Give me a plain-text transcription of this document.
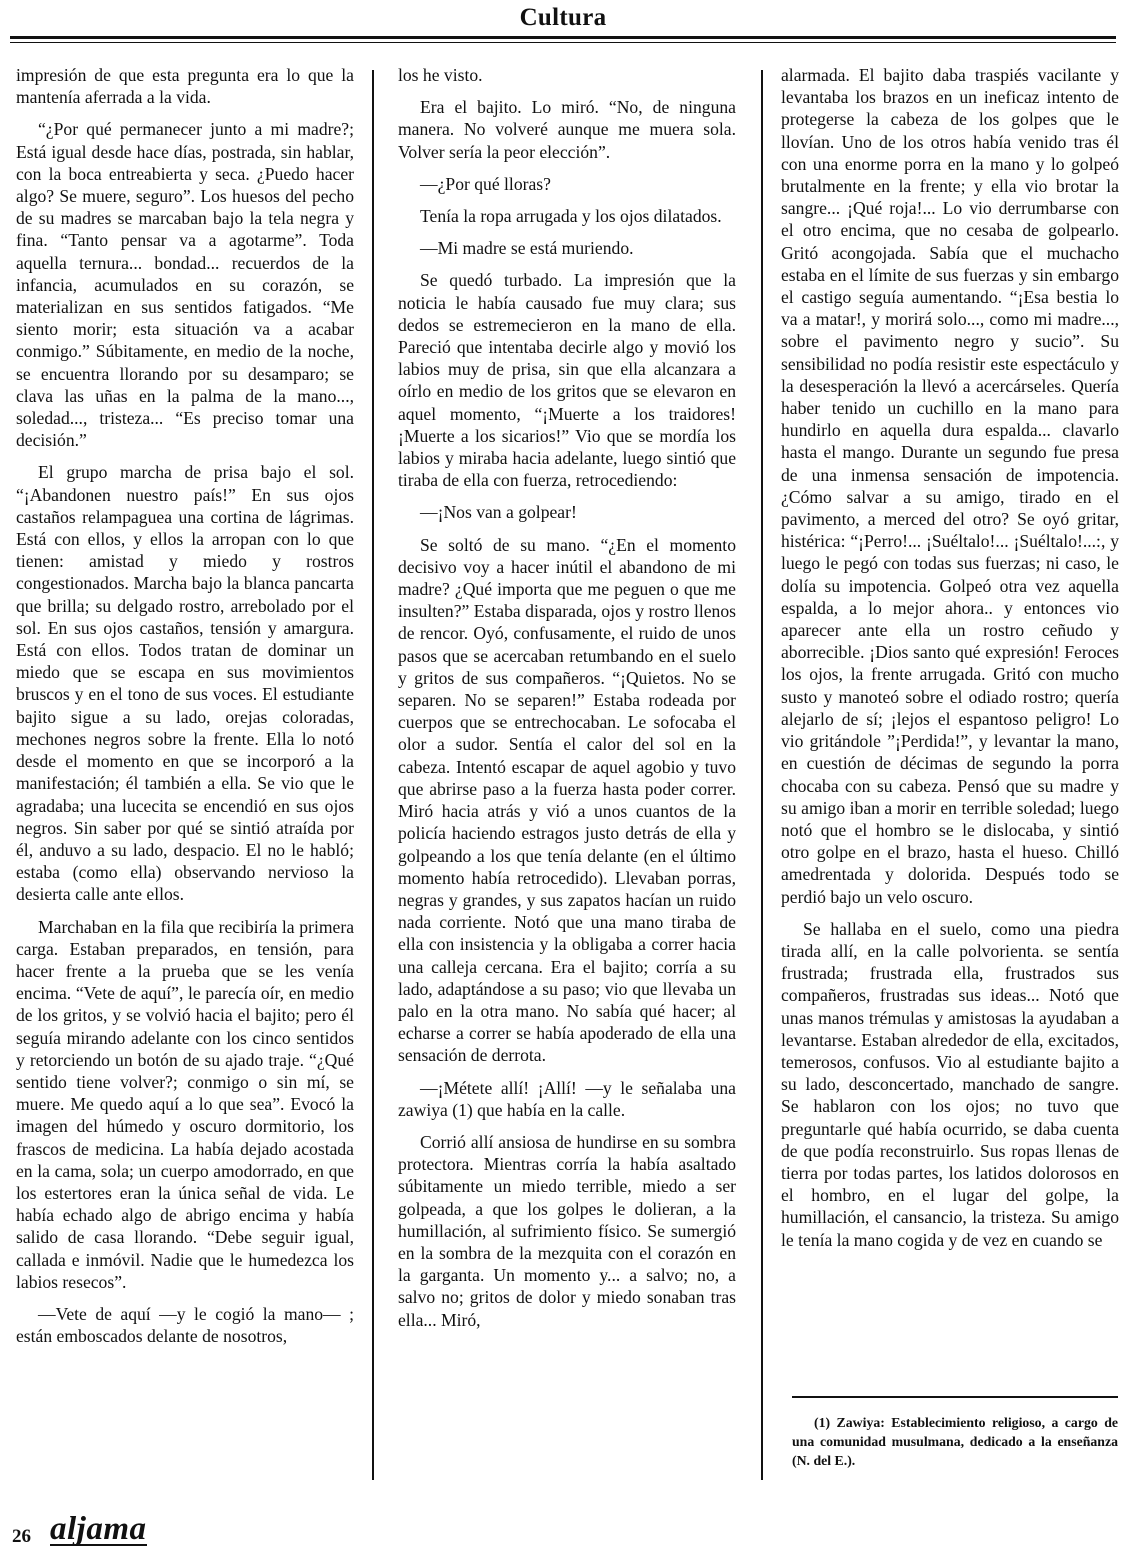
Cultura

impresión de que esta pregunta era lo que la mantenía aferrada a la vida.

“¿Por qué permanecer junto a mi madre?; Está igual desde hace días, postrada, sin hablar, con la boca entreabierta y seca. ¿Puedo hacer algo? Se muere, seguro”. Los huesos del pecho de su madres se marcaban bajo la tela negra y fina. “Tanto pensar va a agotarme”. Toda aquella ternura... bondad... recuerdos de la infancia, acumulados en su corazón, se materializan en sus sentidos fatigados. “Me siento morir; esta situación va a acabar conmigo.” Súbitamente, en medio de la noche, se encuentra llorando por su desamparo; se clava las uñas en la palma de la mano..., soledad..., tristeza... “Es preciso tomar una decisión.”

El grupo marcha de prisa bajo el sol. “¡Abandonen nuestro país!” En sus ojos castaños relampaguea una cortina de lágrimas. Está con ellos, y ellos la arropan con lo que tienen: amistad y miedo y rostros congestionados. Marcha bajo la blanca pancarta que brilla; su delgado rostro, arrebolado por el sol. En sus ojos castaños, tensión y amargura. Está con ellos. Todos tratan de dominar un miedo que se escapa en sus movimientos bruscos y en el tono de sus voces. El estudiante bajito sigue a su lado, orejas coloradas, mechones negros sobre la frente. Ella lo notó desde el momento en que se incorporó a la manifestación; él también a ella. Se vio que le agradaba; una lucecita se encendió en sus ojos negros. Sin saber por qué se sintió atraída por él, anduvo a su lado, despacio. El no le habló; estaba (como ella) observando nervioso la desierta calle ante ellos.

Marchaban en la fila que recibiría la primera carga. Estaban preparados, en tensión, para hacer frente a la prueba que se les venía encima. “Vete de aquí”, le parecía oír, en medio de los gritos, y se volvió hacia el bajito; pero él seguía mirando adelante con los cinco sentidos y retorciendo un botón de su ajado traje. “¿Qué sentido tiene volver?; conmigo o sin mí, se muere. Me quedo aquí a lo que sea”. Evocó la imagen del húmedo y oscuro dormitorio, los frascos de medicina. La había dejado acostada en la cama, sola; un cuerpo amodorrado, en que los estertores eran la única señal de vida. Le había echado algo de abrigo encima y había salido de casa llorando. “Debe seguir igual, callada e inmóvil. Nadie que le humedezca los labios resecos”.

—Vete de aquí —y le cogió la mano— ; están emboscados delante de nosotros,

los he visto.

Era el bajito. Lo miró. “No, de ninguna manera. No volveré aunque me muera sola. Volver sería la peor elección”.

—¿Por qué lloras?

Tenía la ropa arrugada y los ojos dilatados.

—Mi madre se está muriendo.

Se quedó turbado. La impresión que la noticia le había causado fue muy clara; sus dedos se estremecieron en la mano de ella. Pareció que intentaba decirle algo y movió los labios muy de prisa, sin que ella alcanzara a oírlo en medio de los gritos que se elevaron en aquel momento, “¡Muerte a los traidores! ¡Muerte a los sicarios!” Vio que se mordía los labios y miraba hacia adelante, luego sintió que tiraba de ella con fuerza, retrocediendo:

—¡Nos van a golpear!

Se soltó de su mano. “¿En el momento decisivo voy a hacer inútil el abandono de mi madre? ¿Qué importa que me peguen o que me insulten?” Estaba disparada, ojos y rostro llenos de rencor. Oyó, confusamente, el ruido de unos pasos que se acercaban retumbando en el suelo y gritos de sus compañeros. “¡Quietos. No se separen. No se separen!” Estaba rodeada por cuerpos que se entrechocaban. Le sofocaba el olor a sudor. Sentía el calor del sol en la cabeza. Intentó escapar de aquel agobio y tuvo que abrirse paso a la fuerza hasta poder correr. Miró hacia atrás y vió a unos cuantos de la policía haciendo estragos justo detrás de ella y golpeando a los que tenía delante (en el último momento había retrocedido). Llevaban porras, negras y grandes, y sus zapatos hacían un ruido nada corriente. Notó que una mano tiraba de ella con insistencia y la obligaba a correr hacia una calleja cercana. Era el bajito; corría a su lado, adaptándose a su paso; vio que llevaba un palo en la otra mano. No sabía qué hacer; al echarse a correr se había apoderado de ella una sensación de derrota.

—¡Métete allí! ¡Allí! —y le señalaba una zawiya (1) que había en la calle.

Corrió allí ansiosa de hundirse en su sombra protectora. Mientras corría la había asaltado súbitamente un miedo terrible, miedo a ser golpeada, a que los golpes le dolieran, a la humillación, al sufrimiento físico. Se sumergió en la sombra de la mezquita con el corazón en la garganta. Un momento y... a salvo; no, a salvo no; gritos de dolor y miedo sonaban tras ella... Miró,

alarmada. El bajito daba traspiés vacilante y levantaba los brazos en un ineficaz intento de protegerse la cabeza de los golpes que le llovían. Uno de los otros había venido tras él con una enorme porra en la mano y lo golpeó brutalmente en la frente; y ella vio brotar la sangre... ¡Qué roja!... Lo vio derrumbarse con el otro encima, que no cesaba de golpearlo. Gritó acongojada. Sabía que el muchacho estaba en el límite de sus fuerzas y sin embargo el castigo seguía aumentando. “¡Esa bestia lo va a matar!, y morirá solo..., como mi madre..., sobre el pavimento negro y sucio”. Su sensibilidad no podía resistir este espectáculo y la desesperación la llevó a acercárseles. Quería haber tenido un cuchillo en la mano para hundirlo en aquella dura espalda... clavarlo hasta el mango. Durante un segundo fue presa de una inmensa sensación de impotencia. ¿Cómo salvar a su amigo, tirado en el pavimento, a merced del otro? Se oyó gritar, histérica: “¡Perro!... ¡Suéltalo!... ¡Suéltalo!...:, y luego le pegó con todas sus fuerzas; ni caso, le dolía su impotencia. Golpeó otra vez aquella espalda, a lo mejor ahora.. y entonces vio aparecer ante ella un rostro ceñudo y aborrecible. ¡Dios santo qué expresión! Feroces los ojos, la frente arrugada. Gritó con mucho susto y manoteó sobre el odiado rostro; quería alejarlo de sí; ¡lejos el espantoso peligro! Lo vio gritándole ”¡Perdida!”, y levantar la mano, en cuestión de décimas de segundo la porra chocaba con su cabeza. Pensó que su madre y su amigo iban a morir en terrible soledad; luego notó que el hombro se le dislocaba, y sintió otro golpe en el brazo, hasta el hueso. Chilló amedrentada y dolorida. Después todo se perdió bajo un velo oscuro.

Se hallaba en el suelo, como una piedra tirada allí, en la calle polvorienta. se sentía frustrada; frustrada ella, frustrados sus compañeros, frustradas sus ideas... Notó que unas manos trémulas y amistosas la ayudaban a levantarse. Estaban alrededor de ella, excitados, temerosos, confusos. Vio al estudiante bajito a su lado, desconcertado, manchado de sangre. Se hablaron con los ojos; no tuvo que preguntarle qué había ocurrido, se daba cuenta de que podía reconstruirlo. Sus ropas llenas de tierra por todas partes, los latidos dolorosos en el hombro, en el lugar del golpe, la humillación, el cansancio, la tristeza. Su amigo le tenía la mano cogida y de vez en cuando se

(1) Zawiya: Establecimiento religioso, a cargo de una comunidad musulmana, dedicado a la enseñanza (N. del E.).
26 aljama
